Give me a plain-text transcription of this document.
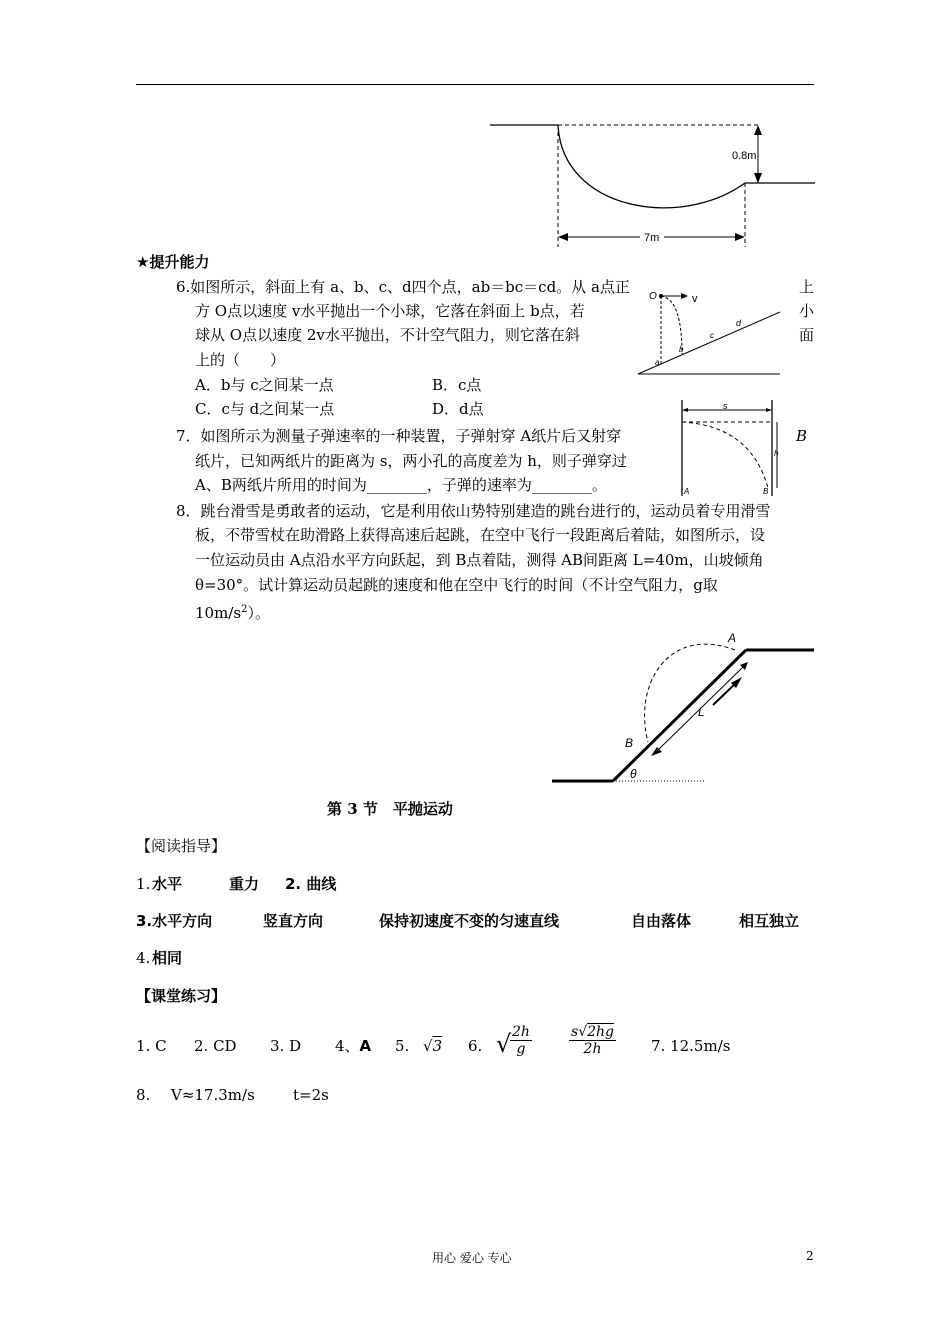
0.8m
7m
★提升能力
6.如图所示，斜面上有 a、b、c、d四个点，ab＝bc＝cd。从 a点正
方 O点以速度 v水平抛出一个小球，它落在斜面上 b点，若
球从 O点以速度 2v水平抛出，不计空气阻力，则它落在斜
上的（　　）
上
小
面
A．b与 c之间某一点	B．c点
C．c与 d之间某一点	D．d点
O	v
a
b
c
d
7．如图所示为测量子弹速率的一种装置，子弹射穿 A纸片后又射穿
纸片，已知两纸片的距离为 s，两小孔的高度差为 h，则子弹穿过
A、B两纸片所用的时间为________，子弹的速率为________。
B
s
h
A	B
8．跳台滑雪是勇敢者的运动，它是利用依山势特别建造的跳台进行的，运动员着专用滑雪
板，不带雪杖在助滑路上获得高速后起跳，在空中飞行一段距离后着陆，如图所示，设
一位运动员由 A点沿水平方向跃起，到 B点着陆，测得 AB间距离 L=40m，山坡倾角
θ=30°。试计算运动员起跳的速度和他在空中飞行的时间（不计空气阻力，g取
$10m/s^2$）。
A
B
L
θ
第 3 节　平抛运动
【阅读指导】
1. 水平	重力 2. 曲线
3.水平方向	竖直方向	保持初速度不变的匀速直线	自由落体	相互独立
4. 相同
【课堂练习】
1. C 2. CD 3. D 4、A 5. √3 6. √
$\frac{2h}{g}$	$\frac{s√2hg}{2h} 7$. 12.5m/s
8. V≈17.3m/s	t=2s
用心 爱心 专心	2
